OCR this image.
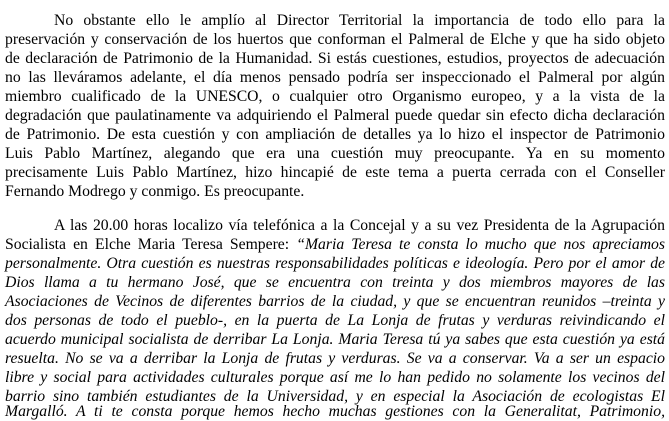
No obstante ello le amplío al Director Territorial la importancia de todo ello para la
preservación y conservación de los huertos que conforman el Palmeral de Elche y que ha sido objeto
de declaración de Patrimonio de la Humanidad. Si estás cuestiones, estudios, proyectos de adecuación
no las lleváramos adelante, el día menos pensado podría ser inspeccionado el Palmeral por algún
miembro cualificado de la UNESCO, o cualquier otro Organismo europeo, y a la vista de la
degradación que paulatinamente va adquiriendo el Palmeral puede quedar sin efecto dicha declaración
de Patrimonio. De esta cuestión y con ampliación de detalles ya lo hizo el inspector de Patrimonio
Luis Pablo Martínez, alegando que era una cuestión muy preocupante. Ya en su momento
precisamente Luis Pablo Martínez, hizo hincapié de este tema a puerta cerrada con el Conseller
Fernando Modrego y conmigo. Es preocupante.
A las 20.00 horas localizo vía telefónica a la Concejal y a su vez Presidenta de la Agrupación
Socialista en Elche Maria Teresa Sempere: “Maria Teresa te consta lo mucho que nos apreciamos
personalmente. Otra cuestión es nuestras responsabilidades políticas e ideología. Pero por el amor de
Dios llama a tu hermano José, que se encuentra con treinta y dos miembros mayores de las
Asociaciones de Vecinos de diferentes barrios de la ciudad, y que se encuentran reunidos –treinta y
dos personas de todo el pueblo-, en la puerta de La Lonja de frutas y verduras reivindicando el
acuerdo municipal socialista de derribar La Lonja. Maria Teresa tú ya sabes que esta cuestión ya está
resuelta. No se va a derribar la Lonja de frutas y verduras. Se va a conservar. Va a ser un espacio
libre y social para actividades culturales porque así me lo han pedido no solamente los vecinos del
barrio sino también estudiantes de la Universidad, y en especial la Asociación de ecologistas El
Margalló. A ti te consta porque hemos hecho muchas gestiones con la Generalitat, Patrimonio,
